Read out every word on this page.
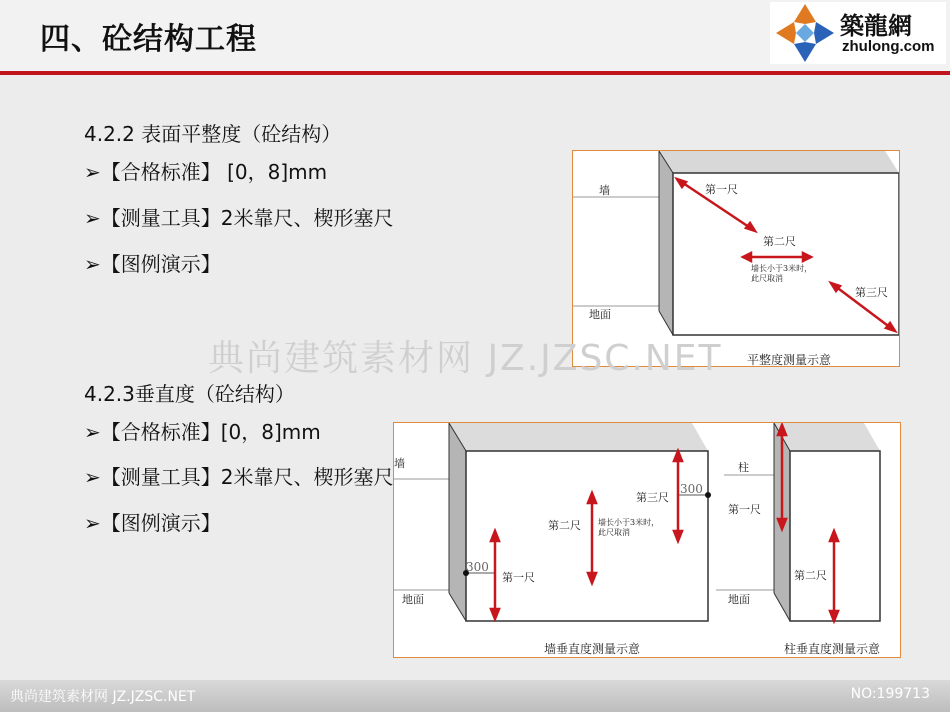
四、砼结构工程	築龍網
zhulong.com
4.2.2 表面平整度（砼结构）
➢【合格标准】 [0，8]mm
➢【测量工具】2米靠尺、楔形塞尺
➢【图例演示】
墙
地面
第一尺
第二尺
墙长小于3米时，
此尺取消
第三尺
平整度测量示意
典尚建筑素材网 JZ.JZSC.NET
4.2.3垂直度（砼结构）
➢【合格标准】[0，8]mm
➢【测量工具】2米靠尺、楔形塞尺
➢【图例演示】
墙
地面
300
300
第一尺
第二尺 墙长小于3米时，
此尺取消
第三尺
墙垂直度测量示意
柱
地面
第一尺
第二尺
柱垂直度测量示意
典尚建筑素材网 JZ.JZSC.NET	NO:199713
